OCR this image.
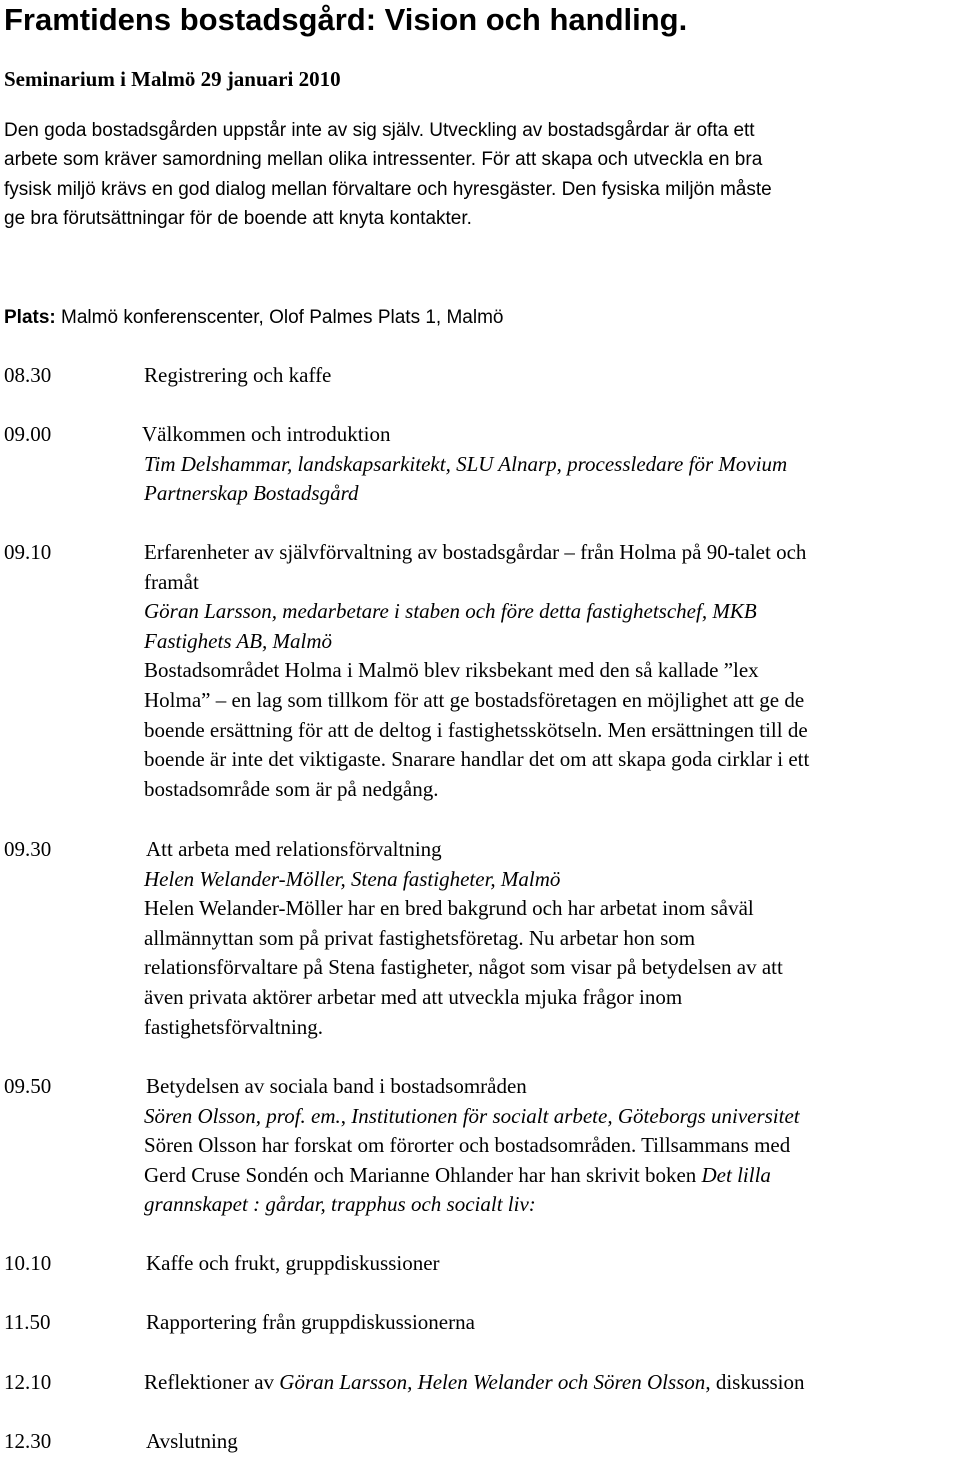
Framtidens bostadsgård: Vision och handling.
Seminarium i Malmö 29 januari 2010

Den goda bostadsgården uppstår inte av sig själv. Utveckling av bostadsgårdar är ofta ett

arbete som kräver samordning mellan olika intressenter. För att skapa och utveckla en bra

fysisk miljö krävs en god dialog mellan förvaltare och hyresgäster. Den fysiska miljön måste

ge bra förutsättningar för de boende att knyta kontakter.

Plats: Malmö konferenscenter, Olof Palmes Plats 1, Malmö

08.30	Registrering och kaffe
09.00	Välkommen och introduktion
Tim Delshammar, landskapsarkitekt, SLU Alnarp, processledare för Movium
Partnerskap Bostadsgård
09.10	Erfarenheter av självförvaltning av bostadsgårdar – från Holma på 90-talet och
framåt
Göran Larsson, medarbetare i staben och före detta fastighetschef, MKB
Fastighets AB, Malmö
Bostadsområdet Holma i Malmö blev riksbekant med den så kallade ”lex
Holma” – en lag som tillkom för att ge bostadsföretagen en möjlighet att ge de
boende ersättning för att de deltog i fastighetsskötseln. Men ersättningen till de
boende är inte det viktigaste. Snarare handlar det om att skapa goda cirklar i ett
bostadsområde som är på nedgång.
09.30	Att arbeta med relationsförvaltning
Helen Welander-Möller, Stena fastigheter, Malmö
Helen Welander-Möller har en bred bakgrund och har arbetat inom såväl
allmännyttan som på privat fastighetsföretag. Nu arbetar hon som
relationsförvaltare på Stena fastigheter, något som visar på betydelsen av att
även privata aktörer arbetar med att utveckla mjuka frågor inom
fastighetsförvaltning.
09.50	Betydelsen av sociala band i bostadsområden
Sören Olsson, prof. em., Institutionen för socialt arbete, Göteborgs universitet
Sören Olsson har forskat om förorter och bostadsområden. Tillsammans med
Gerd Cruse Sondén och Marianne Ohlander har han skrivit boken Det lilla
grannskapet : gårdar, trapphus och socialt liv:
10.10	Kaffe och frukt, gruppdiskussioner
11.50	Rapportering från gruppdiskussionerna
12.10	Reflektioner av Göran Larsson, Helen Welander och Sören Olsson, diskussion
12.30	Avslutning
